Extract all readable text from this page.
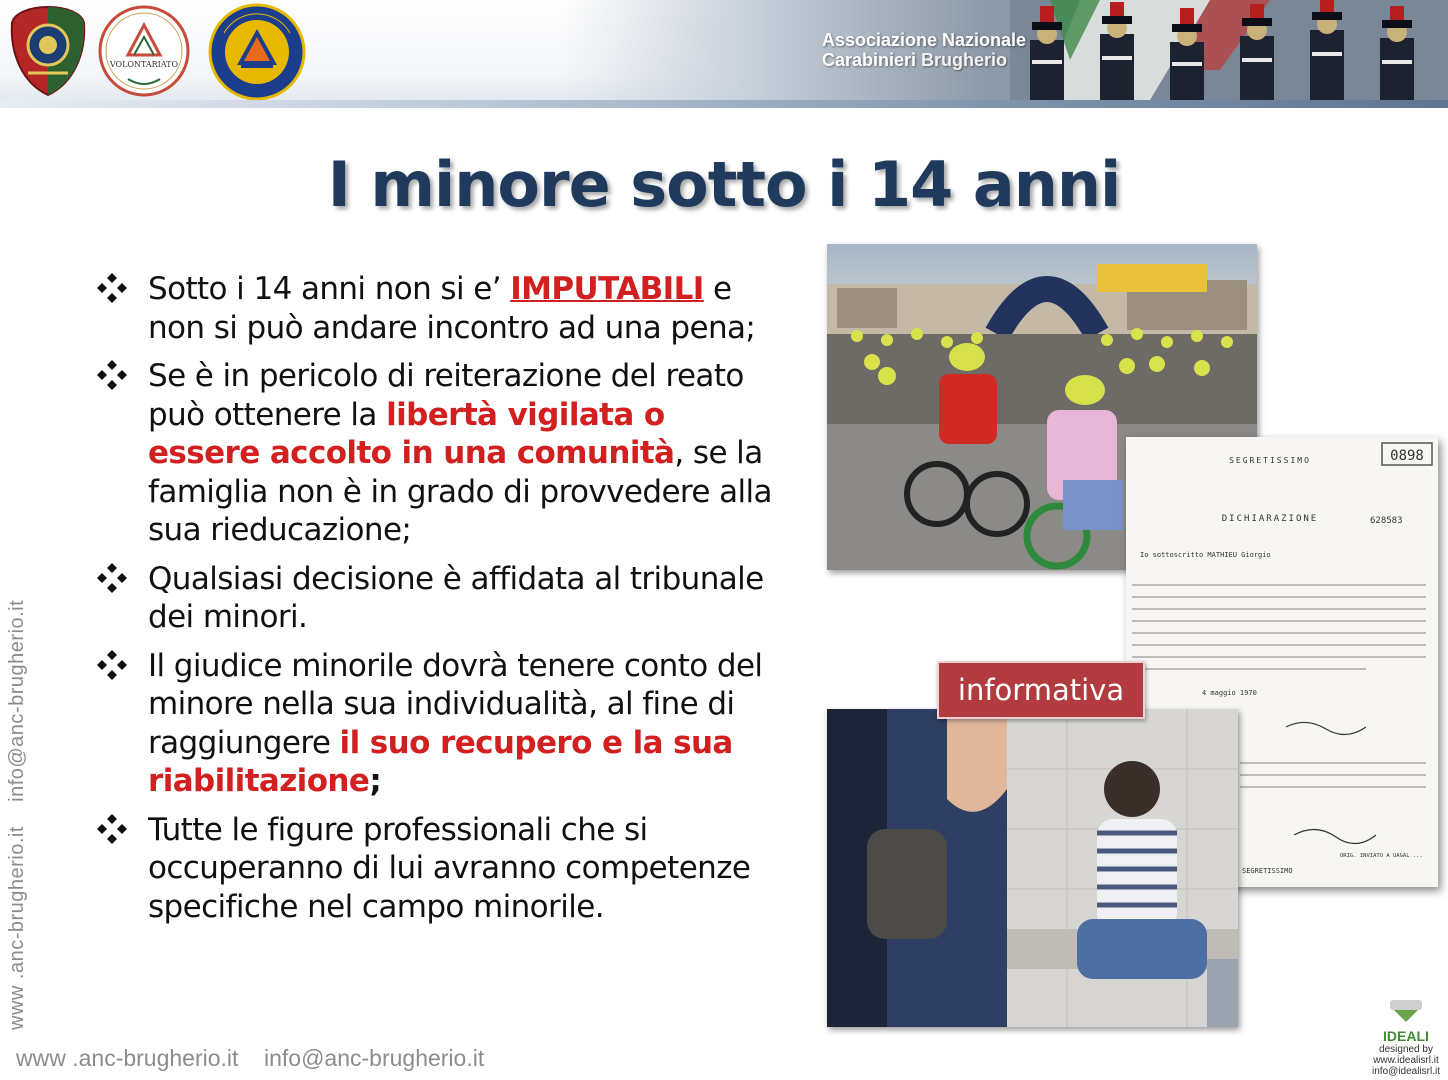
VOLONTARIATO
Associazione Nazionale
Carabinieri Brugherio
I minore sotto i 14 anni
Sotto i 14 anni non si e’ IMPUTABILI e non si può andare incontro ad una pena;
Se è in pericolo di reiterazione del reato può ottenere la libertà vigilata o essere accolto in una comunità, se la famiglia non è in grado di provvedere alla sua rieducazione;
Qualsiasi decisione è affidata al tribunale dei minori.
Il giudice minorile dovrà tenere conto del minore nella sua individualità, al fine di raggiungere il suo recupero e la sua riabilitazione;
Tutte le figure professionali che si occuperanno di lui avranno competenze specifiche nel campo minorile.
0898
SEGRETISSIMO
DICHIARAZIONE	628583
Io sottoscritto MATHIEU Giorgio
4 maggio 1970
SEGRETISSIMO
ORIG. INVIATO A UAGAL ...
informativa
www .anc-brugherio.it    info@anc-brugherio.it
www .anc-brugherio.it info@anc-brugherio.it
IDEALI
designed by
www.idealisrl.it
info@idealisrl.it
